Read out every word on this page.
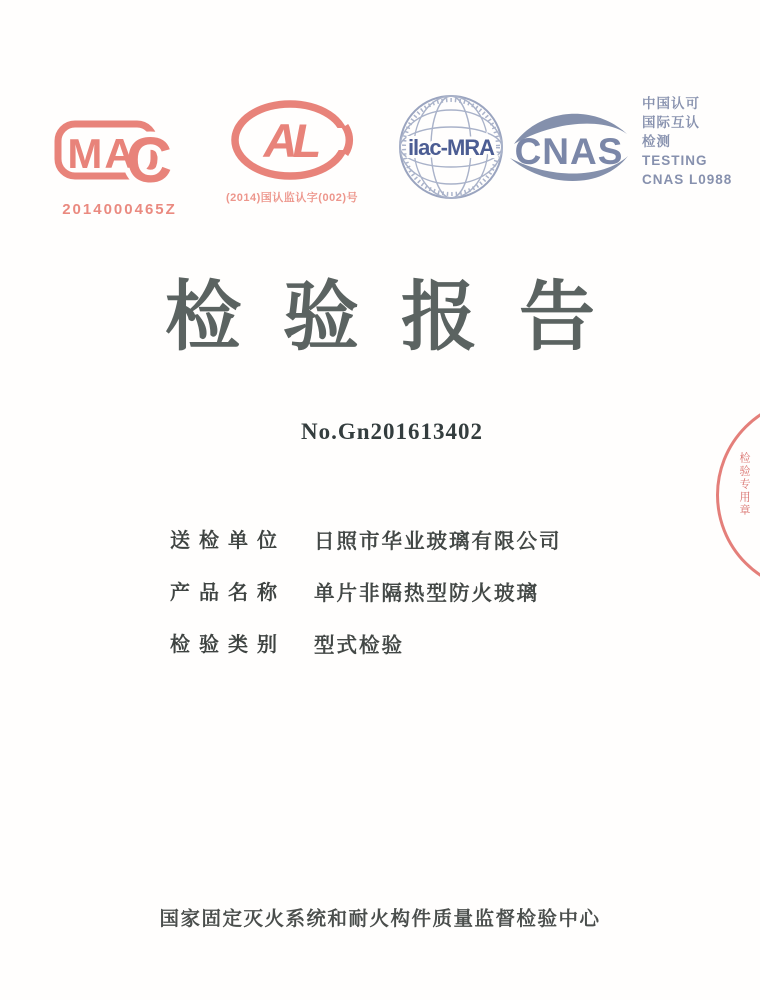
C
MA
2014000465Z
AL
(2014)国认监认字(002)号
ilac-MRA CNAS
中国认可
国际互认
检测
TESTING
CNAS L0988
检验报告
No.Gn201613402
检验专用章
送检单位	日照市华业玻璃有限公司
产品名称	单片非隔热型防火玻璃
检验类别	型式检验
国家固定灭火系统和耐火构件质量监督检验中心
